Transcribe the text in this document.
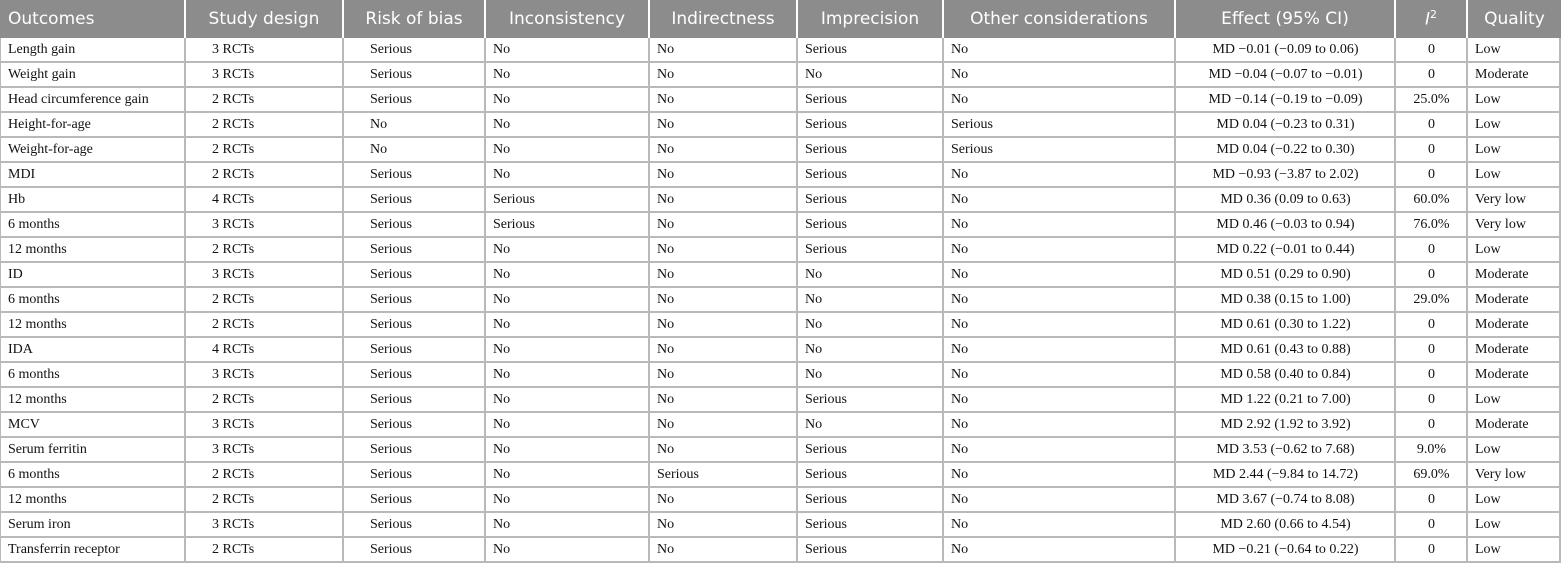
Outcomes	Study design	Risk of bias	Inconsistency	Indirectness	Imprecision	Other considerations	Effect (95% CI)	$I^2$	Quality
Length gain	3 RCTs	Serious	No	No	Serious	No	MD −0.01 (−0.09 to 0.06)	0	Low
Weight gain	3 RCTs	Serious	No	No	No	No	MD −0.04 (−0.07 to −0.01)	0	Moderate
Head circumference gain	2 RCTs	Serious	No	No	Serious	No	MD −0.14 (−0.19 to −0.09)	25.0%	Low
Height-for-age	2 RCTs	No	No	No	Serious	Serious	MD 0.04 (−0.23 to 0.31)	0	Low
Weight-for-age	2 RCTs	No	No	No	Serious	Serious	MD 0.04 (−0.22 to 0.30)	0	Low
MDI	2 RCTs	Serious	No	No	Serious	No	MD −0.93 (−3.87 to 2.02)	0	Low
Hb	4 RCTs	Serious	Serious	No	Serious	No	MD 0.36 (0.09 to 0.63)	60.0%	Very low
6 months	3 RCTs	Serious	Serious	No	Serious	No	MD 0.46 (−0.03 to 0.94)	76.0%	Very low
12 months	2 RCTs	Serious	No	No	Serious	No	MD 0.22 (−0.01 to 0.44)	0	Low
ID	3 RCTs	Serious	No	No	No	No	MD 0.51 (0.29 to 0.90)	0	Moderate
6 months	2 RCTs	Serious	No	No	No	No	MD 0.38 (0.15 to 1.00)	29.0%	Moderate
12 months	2 RCTs	Serious	No	No	No	No	MD 0.61 (0.30 to 1.22)	0	Moderate
IDA	4 RCTs	Serious	No	No	No	No	MD 0.61 (0.43 to 0.88)	0	Moderate
6 months	3 RCTs	Serious	No	No	No	No	MD 0.58 (0.40 to 0.84)	0	Moderate
12 months	2 RCTs	Serious	No	No	Serious	No	MD 1.22 (0.21 to 7.00)	0	Low
MCV	3 RCTs	Serious	No	No	No	No	MD 2.92 (1.92 to 3.92)	0	Moderate
Serum ferritin	3 RCTs	Serious	No	No	Serious	No	MD 3.53 (−0.62 to 7.68)	9.0%	Low
6 months	2 RCTs	Serious	No	Serious	Serious	No	MD 2.44 (−9.84 to 14.72)	69.0%	Very low
12 months	2 RCTs	Serious	No	No	Serious	No	MD 3.67 (−0.74 to 8.08)	0	Low
Serum iron	3 RCTs	Serious	No	No	Serious	No	MD 2.60 (0.66 to 4.54)	0	Low
Transferrin receptor	2 RCTs	Serious	No	No	Serious	No	MD −0.21 (−0.64 to 0.22)	0	Low
